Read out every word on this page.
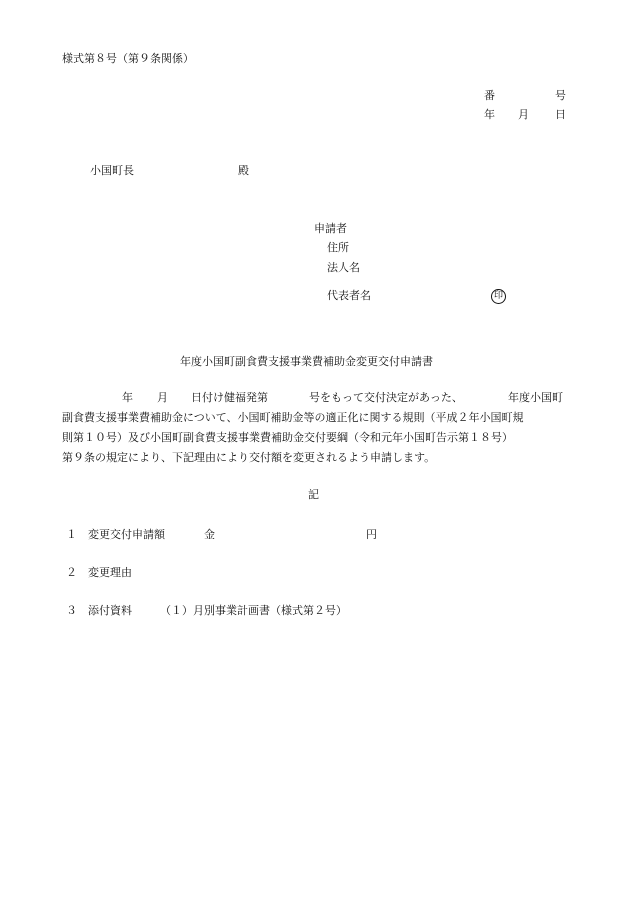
様式第８号（第９条関係）
番	号
年 月 日
小国町長	殿
申請者
住所
法人名
代表者名	印
年度小国町副食費支援事業費補助金変更交付申請書
年 月 日付け健福発第	号をもって交付決定があった、	年度小国町
副食費支援事業費補助金について、小国町補助金等の適正化に関する規則（平成２年小国町規
則第１０号）及び小国町副食費支援事業費補助金交付要綱（令和元年小国町告示第１８号）
第９条の規定により、下記理由により交付額を変更されるよう申請します。
記
１ 変更交付申請額	金	円
２ 変更理由
３ 添付資料	（１）月別事業計画書（様式第２号）
